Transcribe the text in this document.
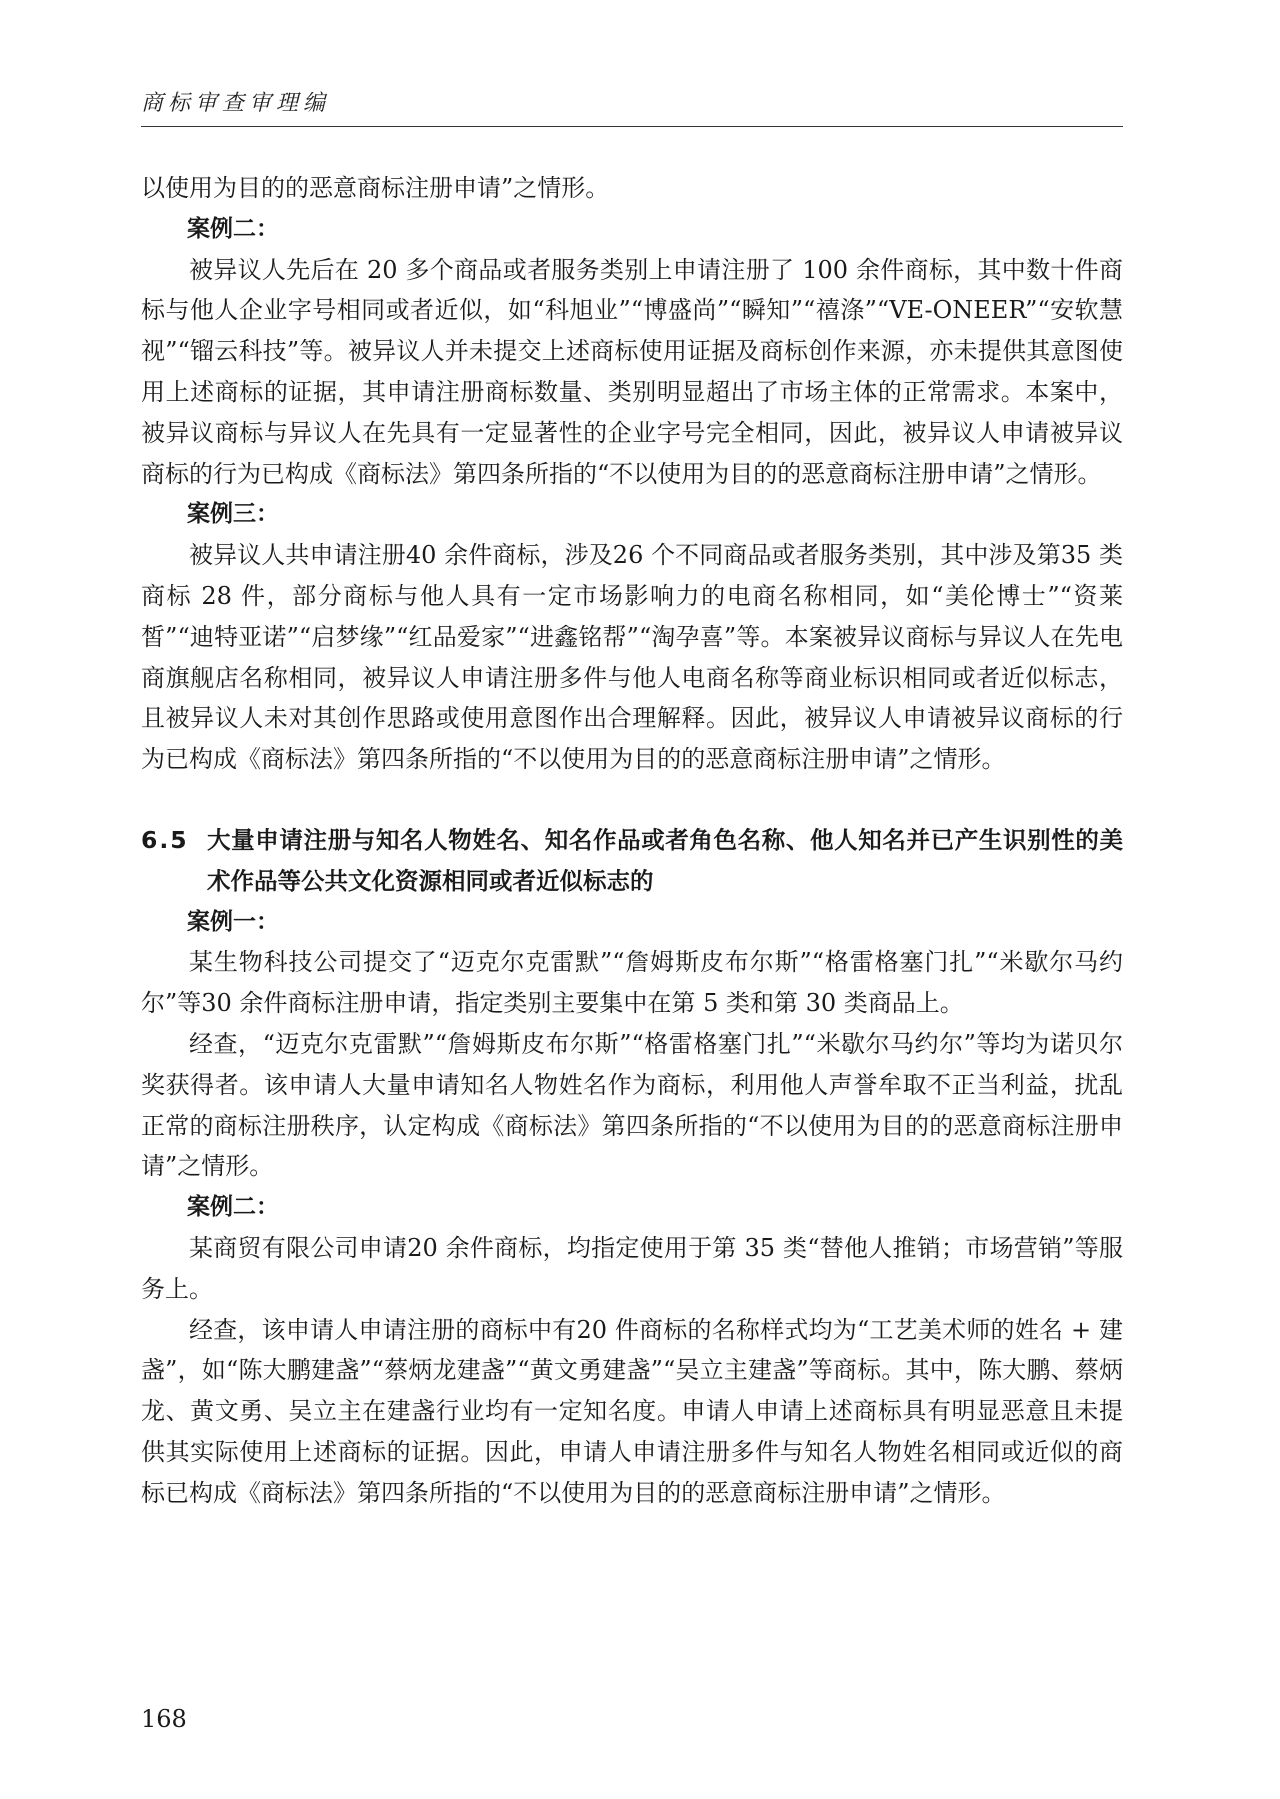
商标审查审理编

以使用为目的的恶意商标注册申请”之情形。

案例二：

被异议人先后在 20 多个商品或者服务类别上申请注册了 100 余件商标，其中数十件商标与他人企业字号相同或者近似，如“科旭业”“博盛尚”“瞬知”“禧涤”“VE-ONEER”“安软慧视”“镏云科技”等。被异议人并未提交上述商标使用证据及商标创作来源，亦未提供其意图使用上述商标的证据，其申请注册商标数量、类别明显超出了市场主体的正常需求。本案中，被异议商标与异议人在先具有一定显著性的企业字号完全相同，因此，被异议人申请被异议商标的行为已构成《商标法》第四条所指的“不以使用为目的的恶意商标注册申请”之情形。

案例三：

被异议人共申请注册40 余件商标，涉及26 个不同商品或者服务类别，其中涉及第35 类商标 28 件，部分商标与他人具有一定市场影响力的电商名称相同，如“美伦博士”“资莱皙”“迪特亚诺”“启梦缘”“红品爱家”“进鑫铭帮”“淘孕喜”等。本案被异议商标与异议人在先电商旗舰店名称相同，被异议人申请注册多件与他人电商名称等商业标识相同或者近似标志，且被异议人未对其创作思路或使用意图作出合理解释。因此，被异议人申请被异议商标的行为已构成《商标法》第四条所指的“不以使用为目的的恶意商标注册申请”之情形。

6.5 大量申请注册与知名人物姓名、知名作品或者角色名称、他人知名并已产生识别性的美术作品等公共文化资源相同或者近似标志的

案例一：

某生物科技公司提交了“迈克尔克雷默”“詹姆斯皮布尔斯”“格雷格塞门扎”“米歇尔马约尔”等30 余件商标注册申请，指定类别主要集中在第 5 类和第 30 类商品上。

经查，“迈克尔克雷默”“詹姆斯皮布尔斯”“格雷格塞门扎”“米歇尔马约尔”等均为诺贝尔奖获得者。该申请人大量申请知名人物姓名作为商标，利用他人声誉牟取不正当利益，扰乱正常的商标注册秩序，认定构成《商标法》第四条所指的“不以使用为目的的恶意商标注册申请”之情形。

案例二：

某商贸有限公司申请20 余件商标，均指定使用于第 35 类“替他人推销；市场营销”等服务上。

经查，该申请人申请注册的商标中有20 件商标的名称样式均为“工艺美术师的姓名 + 建盏”，如“陈大鹏建盏”“蔡炳龙建盏”“黄文勇建盏”“吴立主建盏”等商标。其中，陈大鹏、蔡炳龙、黄文勇、吴立主在建盏行业均有一定知名度。申请人申请上述商标具有明显恶意且未提供其实际使用上述商标的证据。因此，申请人申请注册多件与知名人物姓名相同或近似的商标已构成《商标法》第四条所指的“不以使用为目的的恶意商标注册申请”之情形。

168
